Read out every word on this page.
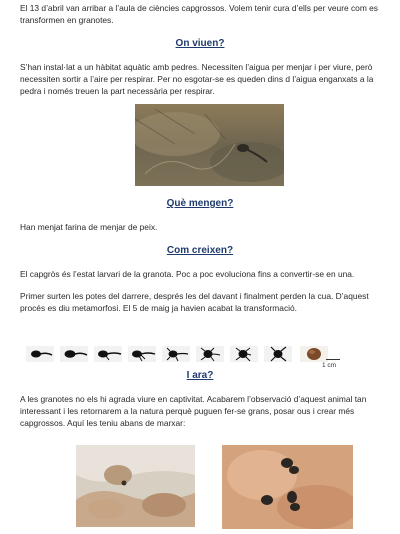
El 13 d’abril van arribar a l’aula de ciències capgrossos. Volem tenir cura d’ells per veure com es transformen en granotes.

On viuen?

S’han instal·lat a un hàbitat aquàtic amb pedres. Necessiten l’aigua per menjar i per viure, però necessiten sortir a l’aire per respirar. Per no esgotar-se es queden dins d l’aigua enganxats a la pedra i només treuen la part necessària per respirar.

Què mengen?

Han menjat farina de menjar de peix.

Com creixen?

El capgròs és l’estat larvari de la granota. Poc a poc evoluciona fins a convertir-se en una.

Primer surten les potes del darrere, després les del davant i finalment perden la cua. D’aquest procés es diu metamorfosi. El 5 de maig ja havien acabat la transformació.

1 cm
I ara?

A les granotes no els hi agrada viure en captivitat. Acabarem l’observació d’aquest animal tan interessant i les retornarem a la natura perquè puguen fer-se grans, posar ous i crear més capgrossos. Aquí les teniu abans de marxar:
